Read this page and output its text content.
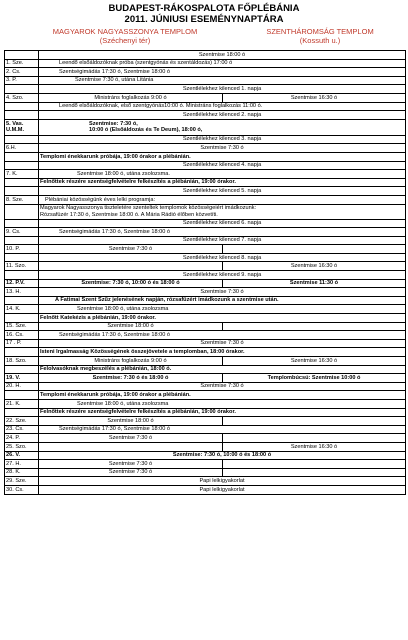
BUDAPEST-RÁKOSPALOTA FŐPLÉBÁNIA
2011. JÚNIUSI ESEMÉNYNAPTÁRA
MAGYAROK NAGYASSZONYA TEMPLOM
(Széchenyi tér)
SZENTHÁROMSÁG TEMPLOM
(Kossuth u.)
	Szentmise 18:00 ó	
1. Sze.	Leendő elsőáldozóknak próba (szentgyónás és szentáldozás) 17:00 ó	
2. Cs.	Szentségimádás 17:30 ó, Szentmise 18:00 ó	
3. P.	Szentmise 7:30 ó, utána Litánia	
	Szentlélekhez kilenced 1. napja	
4. Szo.	Ministráns foglalkozás 9:00 ó	Szentmise 16:30 ó
	Leendő elsőáldozóknak, első szentgyónás10:00 ó. Ministráns foglalkozás 11:00 ó.	
	Szentlélekhez kilenced 2. napja	
5. Vas. U.M.M.	Szentmise: 7:30 ó,
10:00 ó (Elsőáldozás és Te Deum), 18:00 ó,	

	Szentlélekhez kilenced 3. napja	
6.H.	Szentmise 7:30 ó	
	Templomi énekkarunk próbája, 19:00 órakor a plébánián.	
	Szentlélekhez kilenced 4. napja	
7. K.	Szentmise 18:00 ó, utána zsolozsma.	
	Felnőttek részére szentségfelvételre felkészítés a plébánián, 19:00 órakor.	
	Szentlélekhez kilenced 5. napja	
8. Sze.	Plébániai közösségünk éves lelki programja:	

	Magyarok Nagyasszonya tiszteletére szenteltek templomok közösségeiért imádkozunk:
Rózsafüzér 17:30 ó, Szentmise 18:00 ó. A Mária Rádió élőben közvetíti.	

	Szentlélekhez kilenced 6. napja	
9. Cs.	Szentségimádás 17:30 ó, Szentmise 18:00 ó	
	Szentlélekhez kilenced 7. napja	
10. P.	Szentmise 7:30 ó	
	Szentlélekhez kilenced 8. napja	
11. Szo.		Szentmise 16:30 ó
	Szentlélekhez kilenced 9. napja	
12. P.V.	Szentmise: 7:30 ó, 10:00 ó és 18:00 ó	Szentmise 11:30 ó
13. H.	Szentmise 7:30 ó	
	A Fatimai Szent Szűz jelenésének napján, rózsafüzért imádkozunk a szentmise után.	
14. K.	Szentmise 18:00 ó, utána zsolozsma	
	Felnőtt Katekézis a plébánián, 19:00 órakor.	
15. Sze.	Szentmise 18:00 ó	
16. Cs.	Szentségimádás 17:30 ó, Szentmise 18:00 ó	
17 . P.	Szentmise 7:30 ó	
	Isteni Irgalmasság Közösségének összejövetele a templomban, 18:00 órakor.	
18. Szo.	Ministráns foglalkozás 9:00 ó	Szentmise 16:30 ó
	Felolvasóknak megbeszélés a plébánián, 18:00 ó.	
19. V.	Szentmise: 7:30 ó és 18:00 ó	Templombúcsú: Szentmise 10:00 ó
20. H.	Szentmise 7:30 ó	
	Templomi énekkarunk próbája, 19:00 órakor a plébánián.	
21. K.	Szentmise 18:00 ó, utána zsolozsma	
	Felnőttek részére szentségfelvételre felkészítés a plébánián, 19:00 órakor.	
22. Sze.	Szentmise 18:00 ó	
23. Cs.	Szentségimádás 17:30 ó, Szentmise 18:00 ó	
24. P.	Szentmise 7:30 ó	
25. Szo.		Szentmise 16:30 ó
26. V.	Szentmise: 7:30 ó, 10:00 ó és 18:00 ó	
27. H.	Szentmise 7:30 ó	
28. K.	Szentmise 7:30 ó	
29. Sze.	Papi lelkigyakorlat	
30. Cs.	Papi lelkigyakorlat	
